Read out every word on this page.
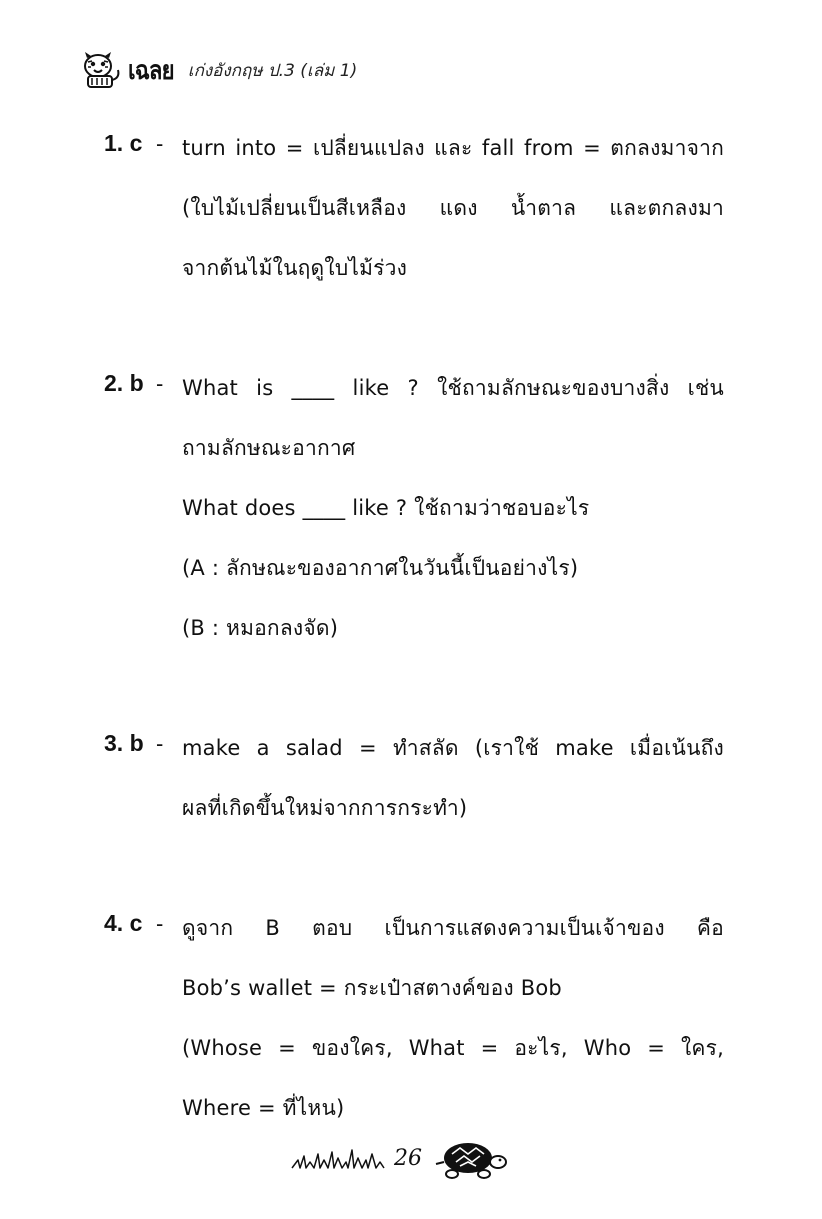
เฉลย เก่งอังกฤษ ป.3 (เล่ม 1)
1. c - turn into = เปลี่ยนแปลง และ fall from = ตกลงมาจาก
(ใบไม้เปลี่ยนเป็นสีเหลือง แดง น้ำตาล และตกลงมา
จากต้นไม้ในฤดูใบไม้ร่วง
2. b - What is ____ like ? ใช้ถามลักษณะของบางสิ่ง เช่น
ถามลักษณะอากาศ
What does ____ like ? ใช้ถามว่าชอบอะไร
(A : ลักษณะของอากาศในวันนี้เป็นอย่างไร)
(B : หมอกลงจัด)
3. b - make a salad = ทำสลัด (เราใช้ make เมื่อเน้นถึง
ผลที่เกิดขึ้นใหม่จากการกระทำ)
4. c - ดูจาก B ตอบ เป็นการแสดงความเป็นเจ้าของ คือ
Bob’s wallet = กระเป๋าสตางค์ของ Bob
(Whose = ของใคร, What = อะไร, Who = ใคร,
Where = ที่ไหน)
26
